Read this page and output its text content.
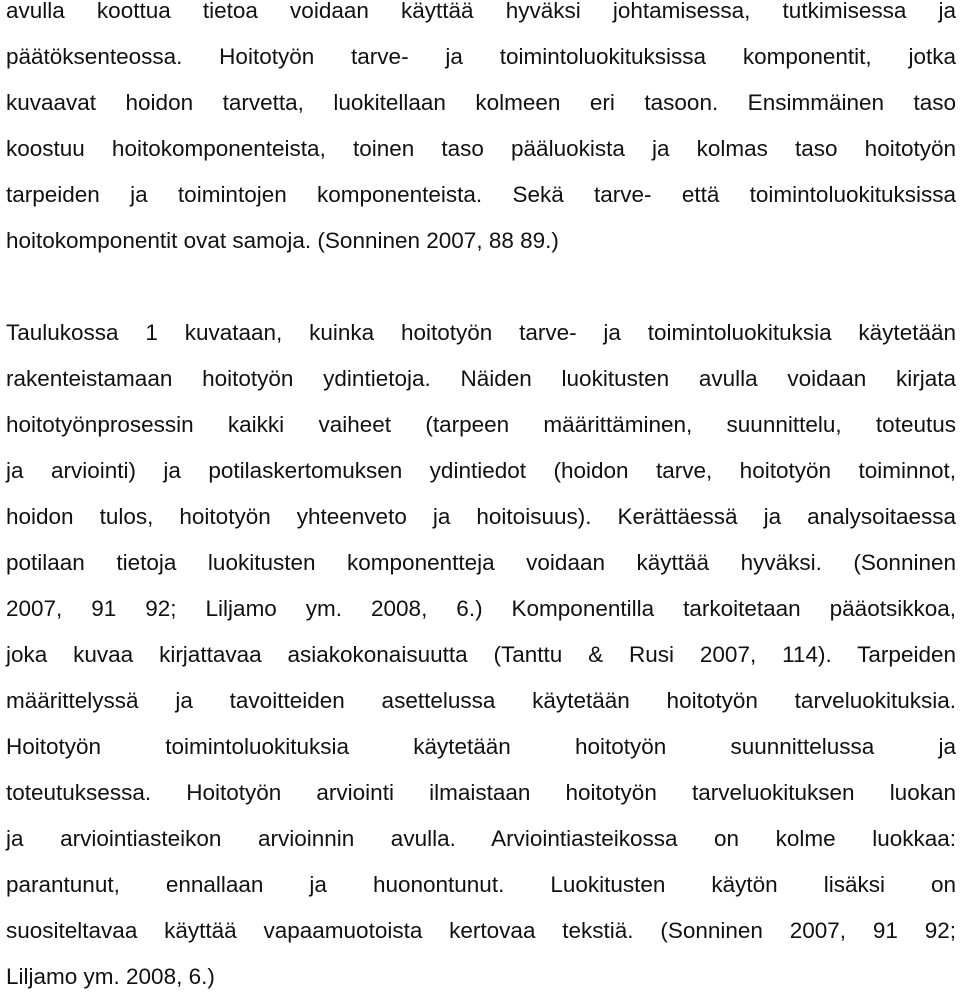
avulla koottua tietoa voidaan käyttää hyväksi johtamisessa, tutkimisessa ja

päätöksenteossa. Hoitotyön tarve- ja toimintoluokituksissa komponentit, jotka

kuvaavat hoidon tarvetta, luokitellaan kolmeen eri tasoon. Ensimmäinen taso

koostuu hoitokomponenteista, toinen taso pääluokista ja kolmas taso hoitotyön

tarpeiden ja toimintojen komponenteista. Sekä tarve- että toimintoluokituksissa

hoitokomponentit ovat samoja. (Sonninen 2007, 88 89.)

Taulukossa 1 kuvataan, kuinka hoitotyön tarve- ja toimintoluokituksia käytetään

rakenteistamaan hoitotyön ydintietoja. Näiden luokitusten avulla voidaan kirjata

hoitotyönprosessin kaikki vaiheet (tarpeen määrittäminen, suunnittelu, toteutus

ja arviointi) ja potilaskertomuksen ydintiedot (hoidon tarve, hoitotyön toiminnot,

hoidon tulos, hoitotyön yhteenveto ja hoitoisuus). Kerättäessä ja analysoitaessa

potilaan tietoja luokitusten komponentteja voidaan käyttää hyväksi. (Sonninen

2007, 91 92; Liljamo ym. 2008, 6.) Komponentilla tarkoitetaan pääotsikkoa,

joka kuvaa kirjattavaa asiakokonaisuutta (Tanttu & Rusi 2007, 114). Tarpeiden

määrittelyssä ja tavoitteiden asettelussa käytetään hoitotyön tarveluokituksia.

Hoitotyön toimintoluokituksia käytetään hoitotyön suunnittelussa ja

toteutuksessa. Hoitotyön arviointi ilmaistaan hoitotyön tarveluokituksen luokan

ja arviointiasteikon arvioinnin avulla. Arviointiasteikossa on kolme luokkaa:

parantunut, ennallaan ja huonontunut. Luokitusten käytön lisäksi on

suositeltavaa käyttää vapaamuotoista kertovaa tekstiä. (Sonninen 2007, 91 92;

Liljamo ym. 2008, 6.)
